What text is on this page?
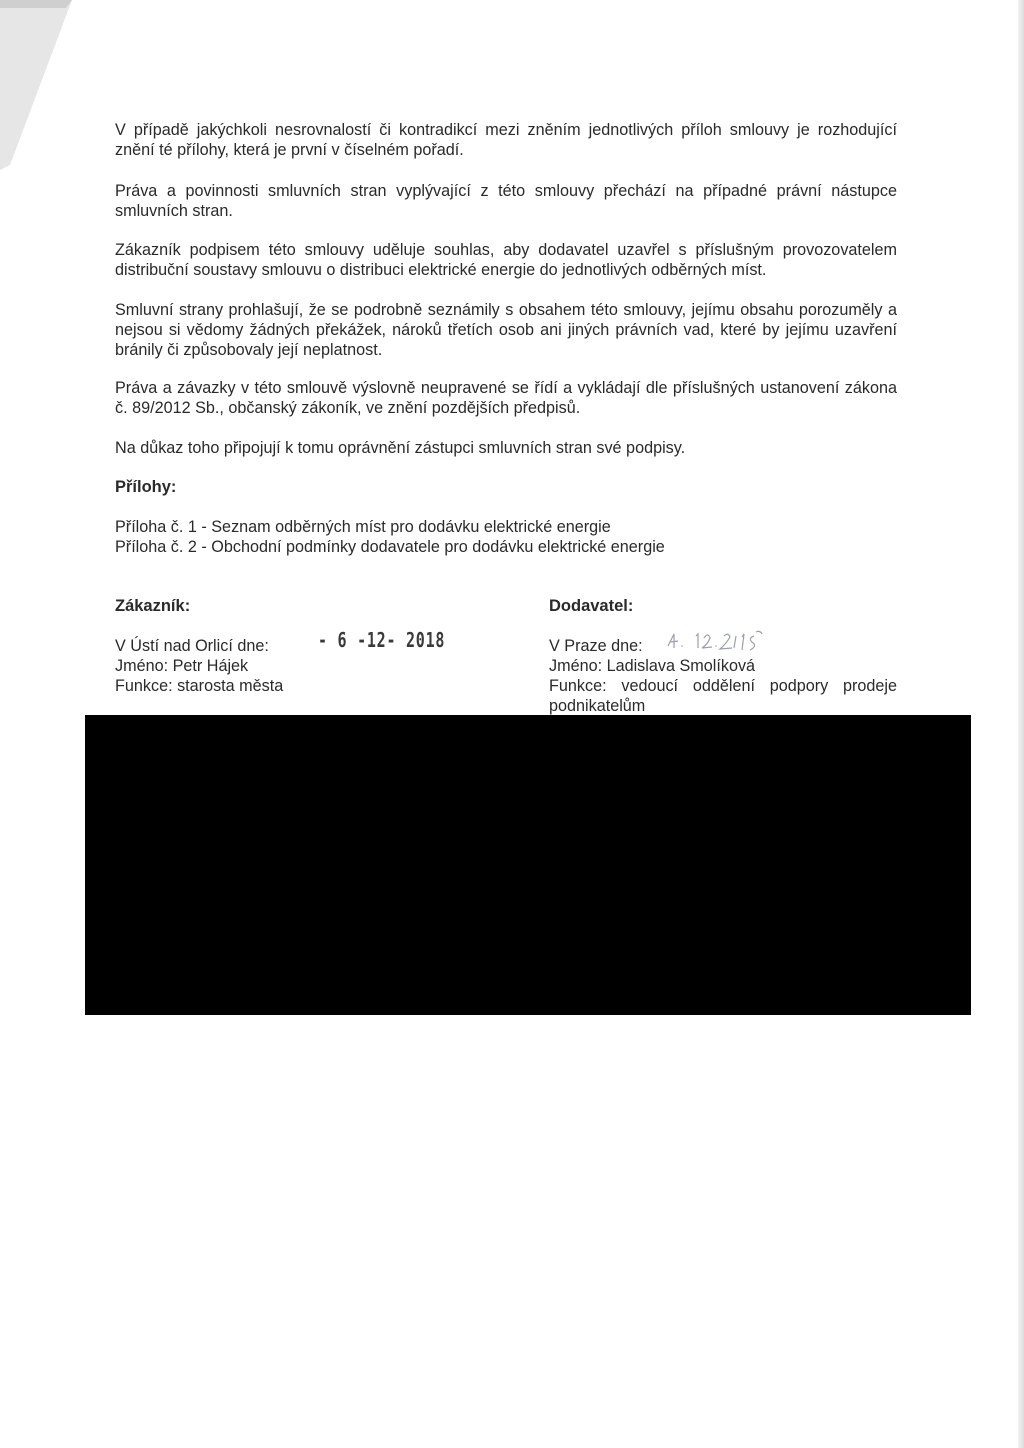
V případě jakýchkoli nesrovnalostí či kontradikcí mezi zněním jednotlivých příloh smlouvy je rozhodující znění té přílohy, která je první v číselném pořadí.

Práva a povinnosti smluvních stran vyplývající z této smlouvy přechází na případné právní nástupce smluvních stran.

Zákazník podpisem této smlouvy uděluje souhlas, aby dodavatel uzavřel s příslušným provozovatelem distribuční soustavy smlouvu o distribuci elektrické energie do jednotlivých odběrných míst.

Smluvní strany prohlašují, že se podrobně seznámily s obsahem této smlouvy, jejímu obsahu porozuměly a nejsou si vědomy žádných překážek, nároků třetích osob ani jiných právních vad, které by jejímu uzavření bránily či způsobovaly její neplatnost.

Práva a závazky v této smlouvě výslovně neupravené se řídí a vykládají dle příslušných ustanovení zákona č. 89/2012 Sb., občanský zákoník, ve znění pozdějších předpisů.

Na důkaz toho připojují k tomu oprávnění zástupci smluvních stran své podpisy.

Přílohy:

Příloha č. 1 - Seznam odběrných míst pro dodávku elektrické energie

Příloha č. 2 - Obchodní podmínky dodavatele pro dodávku elektrické energie

Zákazník:

V Ústí nad Orlicí dne: - 6 -12- 2018

Jméno: Petr Hájek

Funkce: starosta města

Dodavatel:

V Praze dne:

Jméno: Ladislava Smolíková

Funkce: vedoucí oddělení podpory prodeje

podnikatelům
